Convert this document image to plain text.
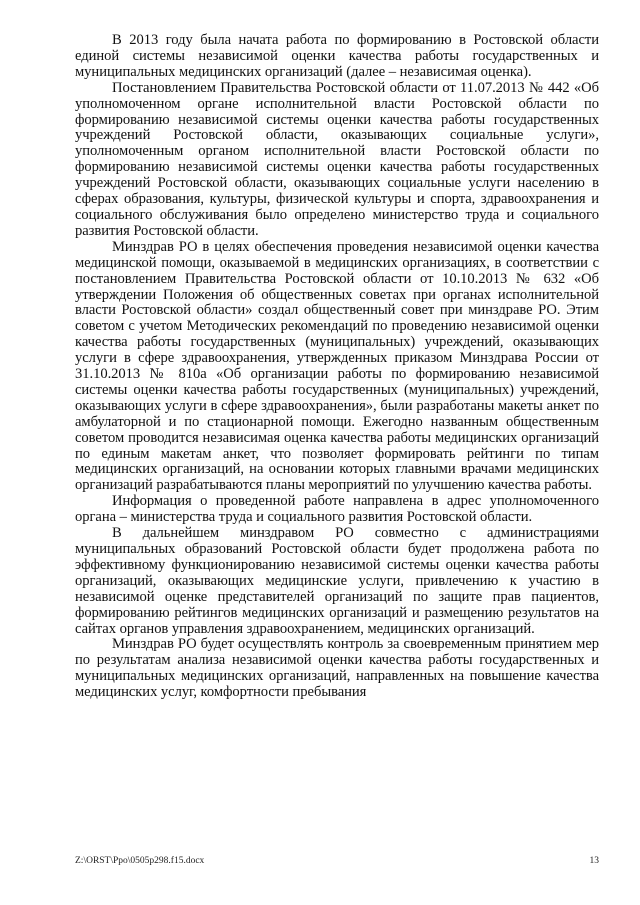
В 2013 году была начата работа по формированию в Ростовской области единой системы независимой оценки качества работы государственных и муниципальных медицинских организаций (далее – независимая оценка).

Постановлением Правительства Ростовской области от 11.07.2013 № 442 «Об уполномоченном органе исполнительной власти Ростовской области по формированию независимой системы оценки качества работы государственных учреждений Ростовской области, оказывающих социальные услуги», уполномоченным органом исполнительной власти Ростовской области по формированию независимой системы оценки качества работы государственных учреждений Ростовской области, оказывающих социальные услуги населению в сферах образования, культуры, физической культуры и спорта, здравоохранения и социального обслуживания было определено министерство труда и социального развития Ростовской области.

Минздрав РО в целях обеспечения проведения независимой оценки качества медицинской помощи, оказываемой в медицинских организациях, в соответствии с постановлением Правительства Ростовской области от 10.10.2013 № 632 «Об утверждении Положения об общественных советах при органах исполнительной власти Ростовской области» создал общественный совет при минздраве РО. Этим советом с учетом Методических рекомендаций по проведению независимой оценки качества работы государственных (муниципальных) учреждений, оказывающих услуги в сфере здравоохранения, утвержденных приказом Минздрава России от 31.10.2013 № 810а «Об организации работы по формированию независимой системы оценки качества работы государственных (муниципальных) учреждений, оказывающих услуги в сфере здравоохранения», были разработаны макеты анкет по амбулаторной и по стационарной помощи. Ежегодно названным общественным советом проводится независимая оценка качества работы медицинских организаций по единым макетам анкет, что позволяет формировать рейтинги по типам медицинских организаций, на основании которых главными врачами медицинских организаций разрабатываются планы мероприятий по улучшению качества работы.

Информация о проведенной работе направлена в адрес уполномоченного органа – министерства труда и социального развития Ростовской области.

В дальнейшем минздравом РО совместно с администрациями муниципальных образований Ростовской области будет продолжена работа по эффективному функционированию независимой системы оценки качества работы организаций, оказывающих медицинские услуги, привлечению к участию в независимой оценке представителей организаций по защите прав пациентов, формированию рейтингов медицинских организаций и размещению результатов на сайтах органов управления здравоохранением, медицинских организаций.

Минздрав РО будет осуществлять контроль за своевременным принятием мер по результатам анализа независимой оценки качества работы государственных и муниципальных медицинских организаций, направленных на повышение качества медицинских услуг, комфортности пребывания

Z:\ORST\Ppo\0505p298.f15.docx	13
